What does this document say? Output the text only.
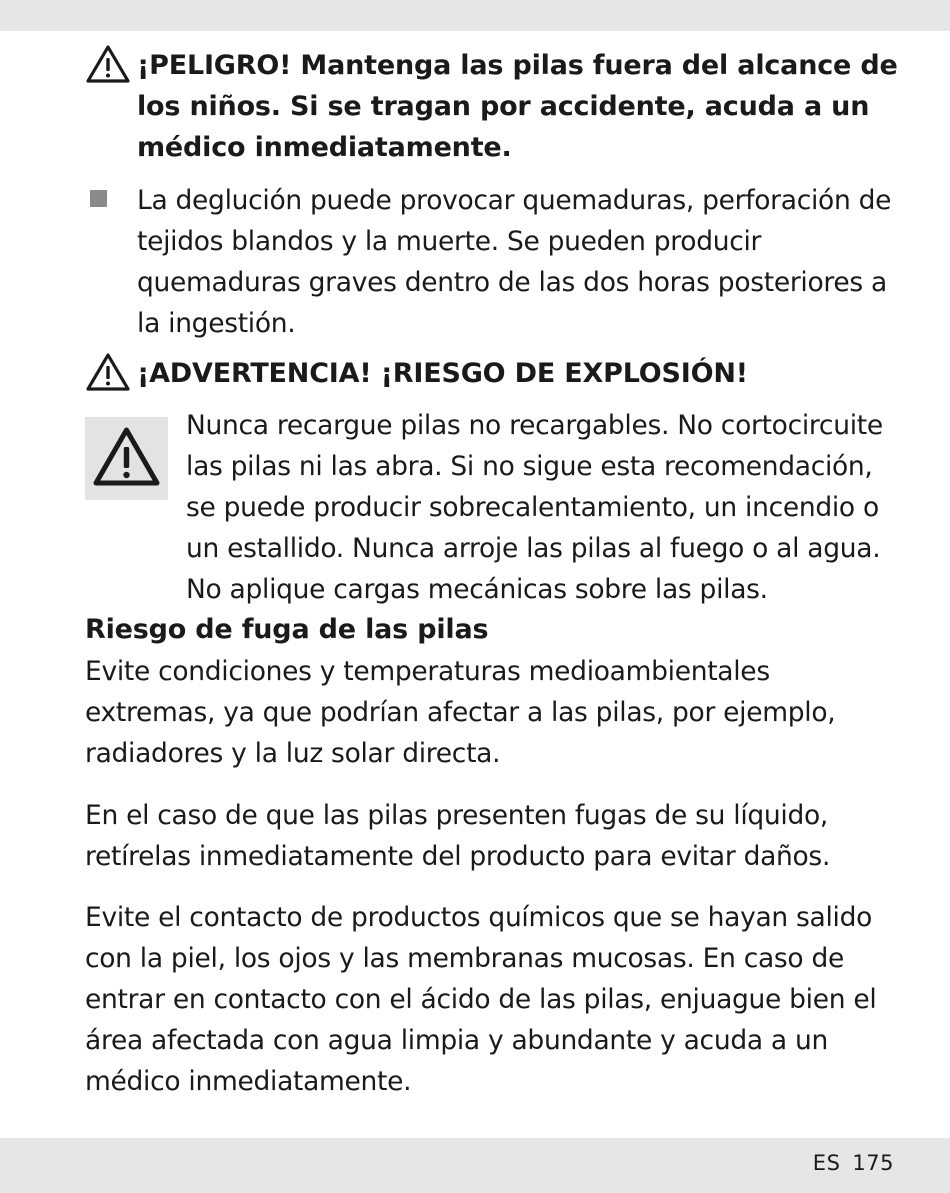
¡PELIGRO! Mantenga las pilas fuera del alcance de los niños. Si se tragan por accidente, acuda a un médico inmediatamente.
La deglución puede provocar quemaduras, perforación de tejidos blandos y la muerte. Se pueden producir quemaduras graves dentro de las dos horas posteriores a la ingestión.
¡ADVERTENCIA! ¡RIESGO DE EXPLOSIÓN!
Nunca recargue pilas no recargables. No cortocircuite las pilas ni las abra. Si no sigue esta recomendación, se puede producir sobrecalentamiento, un incendio o un estallido. Nunca arroje las pilas al fuego o al agua. No aplique cargas mecánicas sobre las pilas.
Riesgo de fuga de las pilas
Evite condiciones y temperaturas medioambientales extremas, ya que podrían afectar a las pilas, por ejemplo, radiadores y la luz solar directa.
En el caso de que las pilas presenten fugas de su líquido, retírelas inmediatamente del producto para evitar daños.
Evite el contacto de productos químicos que se hayan salido con la piel, los ojos y las membranas mucosas. En caso de entrar en contacto con el ácido de las pilas, enjuague bien el área afectada con agua limpia y abundante y acuda a un médico inmediatamente.
ES 175
